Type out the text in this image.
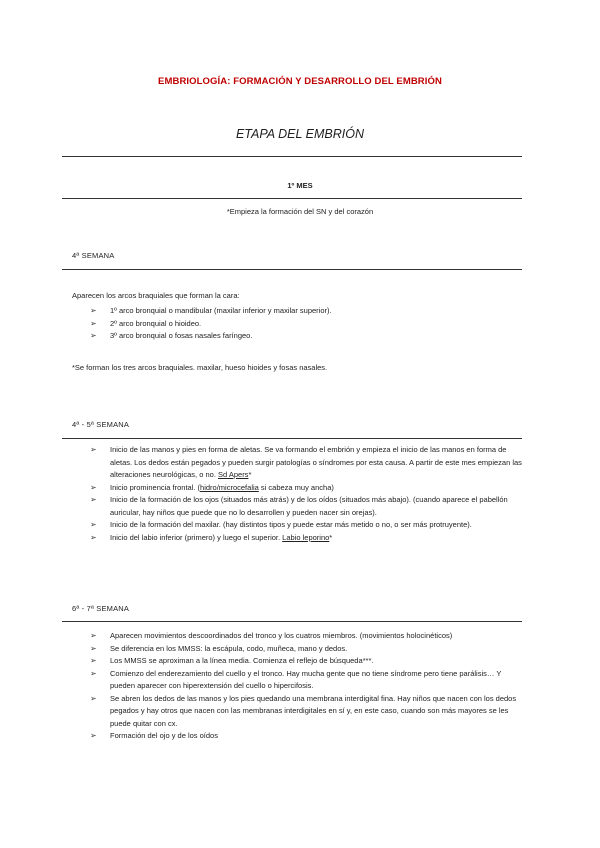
EMBRIOLOGÍA: FORMACIÓN Y DESARROLLO DEL EMBRIÓN
ETAPA DEL EMBRIÓN
1º MES
*Empieza la formación del SN y del corazón
4ª SEMANA
Aparecen los arcos braquiales que forman la cara:
➢ 1º arco bronquial o mandibular (maxilar inferior y maxilar superior).
➢ 2º arco bronquial o hioideo.
➢ 3º arco bronquial o fosas nasales faríngeo.
*Se forman los tres arcos braquiales. maxilar, hueso hioides y fosas nasales.
4ª - 5ª SEMANA
➢ Inicio de las manos y pies en forma de aletas. Se va formando el embrión y empieza el inicio de las manos en forma de aletas. Los dedos están pegados y pueden surgir patologías o síndromes por esta causa. A partir de este mes empiezan las alteraciones neurológicas, o no. Sd Apers*
➢ Inicio prominencia frontal. (hidro/microcefalia si cabeza muy ancha)
➢ Inicio de la formación de los ojos (situados más atrás) y de los oídos (situados más abajo). (cuando aparece el pabellón auricular, hay niños que puede que no lo desarrollen y pueden nacer sin orejas).
➢ Inicio de la formación del maxilar. (hay distintos tipos y puede estar más metido o no, o ser más protruyente).
➢ Inicio del labio inferior (primero) y luego el superior. Labio leporino*
6ª - 7ª SEMANA
➢ Aparecen movimientos descoordinados del tronco y los cuatros miembros. (movimientos holocinéticos)
➢ Se diferencia en los MMSS: la escápula, codo, muñeca, mano y dedos.
➢ Los MMSS se aproximan a la línea media. Comienza el reflejo de búsqueda***.
➢ Comienzo del enderezamiento del cuello y el tronco. Hay mucha gente que no tiene síndrome pero tiene parálisis… Y pueden aparecer con hiperextensión del cuello o hipercifosis.
➢ Se abren los dedos de las manos y los pies quedando una membrana interdigital fina. Hay niños que nacen con los dedos pegados y hay otros que nacen con las membranas interdigitales en sí y, en este caso, cuando son más mayores se les puede quitar con cx.
➢ Formación del ojo y de los oídos
